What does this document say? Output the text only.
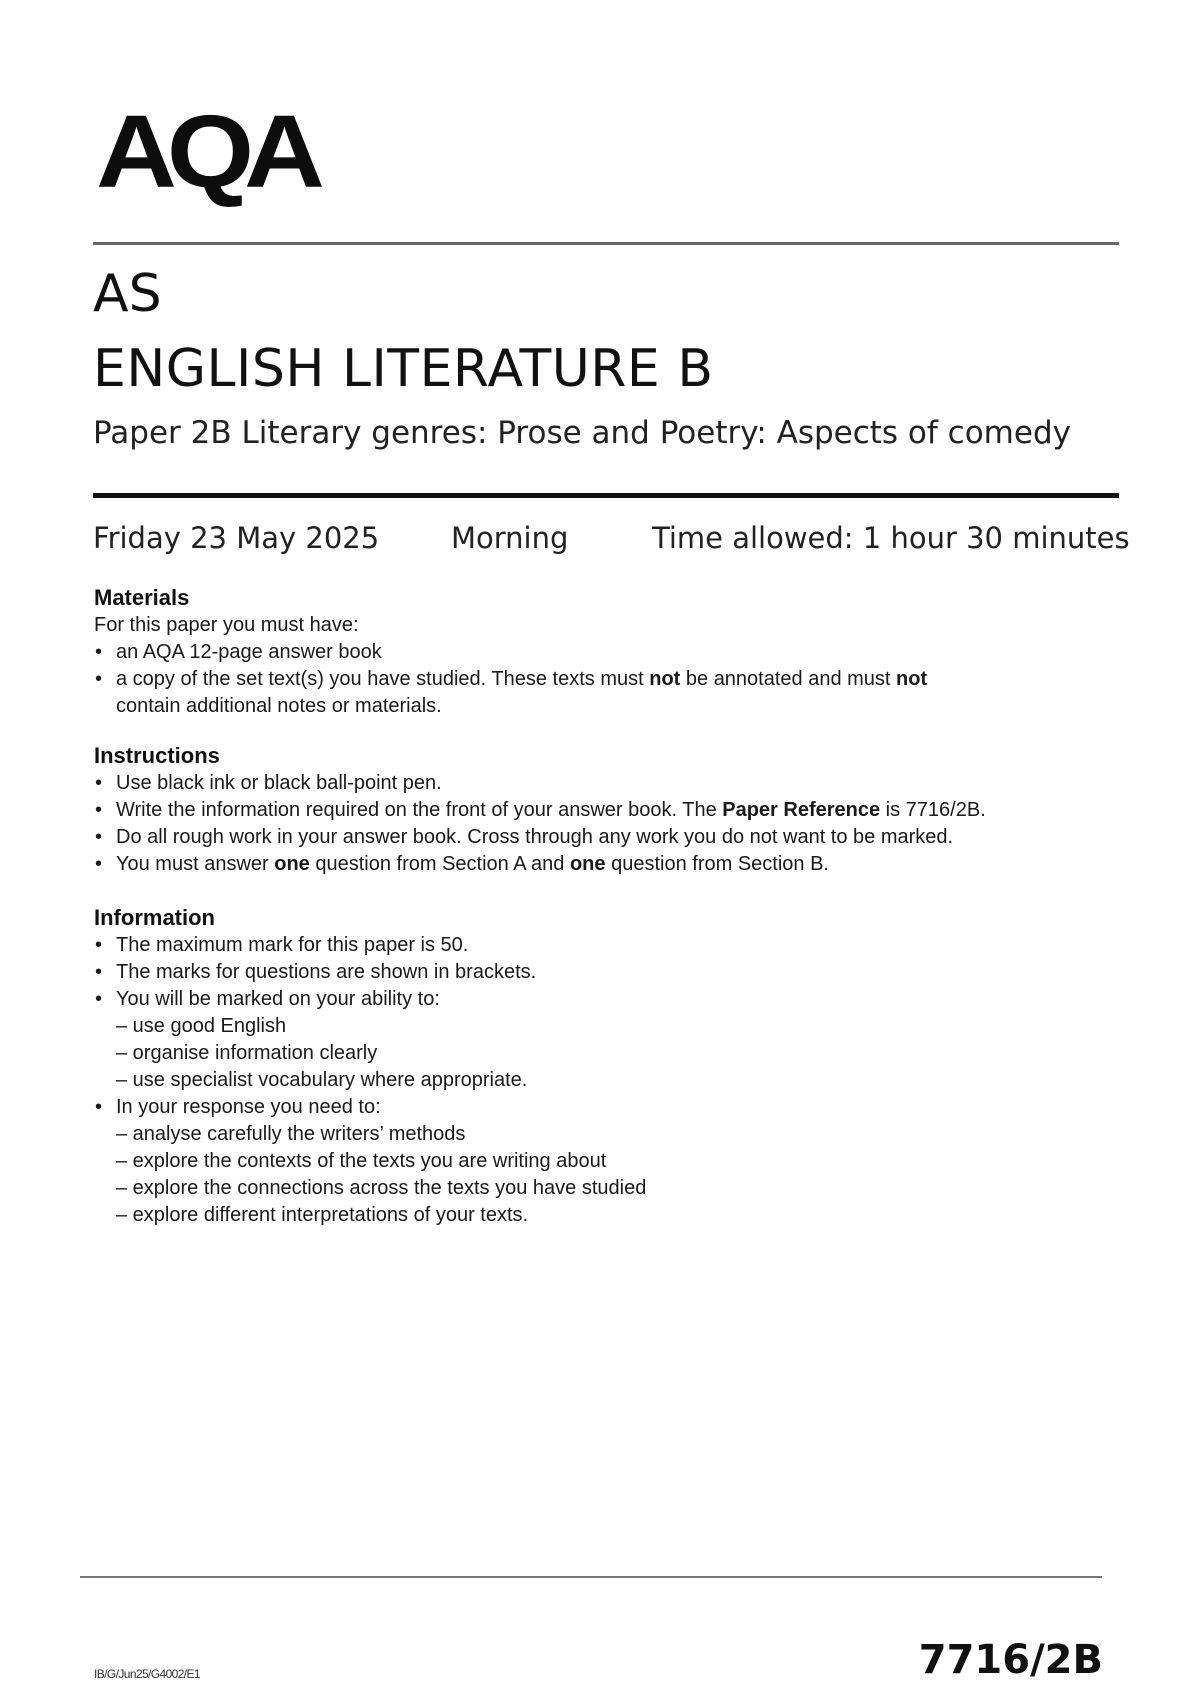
AQA
AS
ENGLISH LITERATURE B
Paper 2B Literary genres: Prose and Poetry: Aspects of comedy
Friday 23 May 2025 Morning	Time allowed: 1 hour 30 minutes
Materials

For this paper you must have:

• an AQA 12-page answer book
• a copy of the set text(s) you have studied. These texts must not be annotated and must not
contain additional notes or materials.
Instructions
• Use black ink or black ball-point pen.
• Write the information required on the front of your answer book. The Paper Reference is 7716/2B.
• Do all rough work in your answer book. Cross through any work you do not want to be marked.
• You must answer one question from Section A and one question from Section B.
Information
• The maximum mark for this paper is 50.
• The marks for questions are shown in brackets.
• You will be marked on your ability to:
– use good English
– organise information clearly
– use specialist vocabulary where appropriate.
• In your response you need to:
– analyse carefully the writers’ methods
– explore the contexts of the texts you are writing about
– explore the connections across the texts you have studied
– explore different interpretations of your texts.
IB/G/Jun25/G4002/E1	7716/2B
